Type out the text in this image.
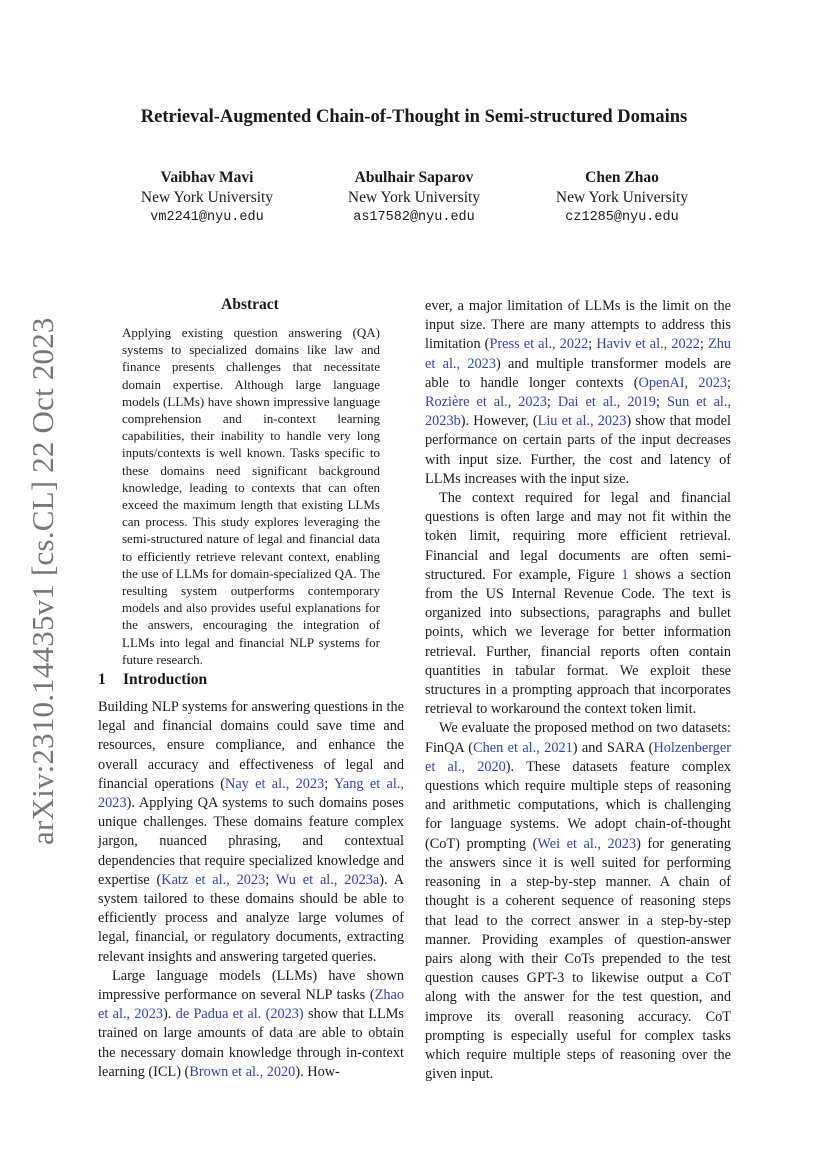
Retrieval-Augmented Chain-of-Thought in Semi-structured Domains
Vaibhav Mavi
New York University
vm2241@nyu.edu
Abulhair Saparov
New York University
as17582@nyu.edu
Chen Zhao
New York University
cz1285@nyu.edu
arXiv:2310.14435v1 [cs.CL] 22 Oct 2023
Abstract
Applying existing question answering (QA) systems to specialized domains like law and finance presents challenges that necessitate domain expertise. Although large language models (LLMs) have shown impressive language comprehension and in-context learning capabilities, their inability to handle very long inputs/contexts is well known. Tasks specific to these domains need significant background knowledge, leading to contexts that can often exceed the maximum length that existing LLMs can process. This study explores leveraging the semi-structured nature of legal and financial data to efficiently retrieve relevant context, enabling the use of LLMs for domain-specialized QA. The resulting system outperforms contemporary models and also provides useful explanations for the answers, encouraging the integration of LLMs into legal and financial NLP systems for future research.
1 Introduction

Building NLP systems for answering questions in the legal and financial domains could save time and resources, ensure compliance, and enhance the overall accuracy and effectiveness of legal and financial operations (Nay et al., 2023; Yang et al., 2023). Applying QA systems to such domains poses unique challenges. These domains feature complex jargon, nuanced phrasing, and contextual dependencies that require specialized knowledge and expertise (Katz et al., 2023; Wu et al., 2023a). A system tailored to these domains should be able to efficiently process and analyze large volumes of legal, financial, or regulatory documents, extracting relevant insights and answering targeted queries.

Large language models (LLMs) have shown impressive performance on several NLP tasks (Zhao et al., 2023). de Padua et al. (2023) show that LLMs trained on large amounts of data are able to obtain the necessary domain knowledge through in-context learning (ICL) (Brown et al., 2020). How-

ever, a major limitation of LLMs is the limit on the input size. There are many attempts to address this limitation (Press et al., 2022; Haviv et al., 2022; Zhu et al., 2023) and multiple transformer models are able to handle longer contexts (OpenAI, 2023; Rozière et al., 2023; Dai et al., 2019; Sun et al., 2023b). However, (Liu et al., 2023) show that model performance on certain parts of the input decreases with input size. Further, the cost and latency of LLMs increases with the input size.

The context required for legal and financial questions is often large and may not fit within the token limit, requiring more efficient retrieval. Financial and legal documents are often semi-structured. For example, Figure 1 shows a section from the US Internal Revenue Code. The text is organized into subsections, paragraphs and bullet points, which we leverage for better information retrieval. Further, financial reports often contain quantities in tabular format. We exploit these structures in a prompting approach that incorporates retrieval to workaround the context token limit.

We evaluate the proposed method on two datasets: FinQA (Chen et al., 2021) and SARA (Holzenberger et al., 2020). These datasets feature complex questions which require multiple steps of reasoning and arithmetic computations, which is challenging for language systems. We adopt chain-of-thought (CoT) prompting (Wei et al., 2023) for generating the answers since it is well suited for performing reasoning in a step-by-step manner. A chain of thought is a coherent sequence of reasoning steps that lead to the correct answer in a step-by-step manner. Providing examples of question-answer pairs along with their CoTs prepended to the test question causes GPT-3 to likewise output a CoT along with the answer for the test question, and improve its overall reasoning accuracy. CoT prompting is especially useful for complex tasks which require multiple steps of reasoning over the given input.
